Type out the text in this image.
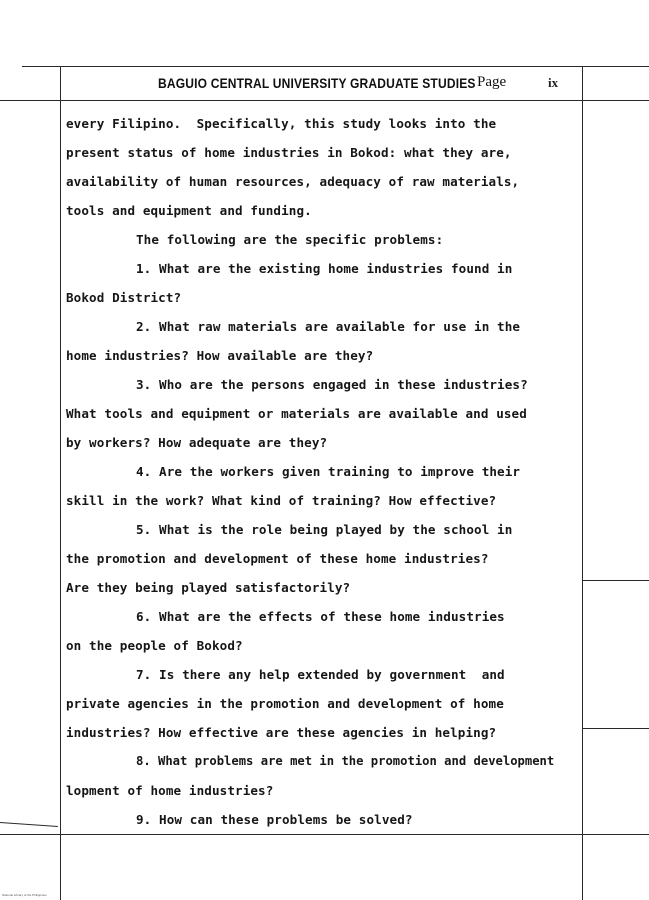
BAGUIO CENTRAL UNIVERSITY GRADUATE STUDIES Page	ix
every Filipino.  Specifically, this study looks into the
present status of home industries in Bokod: what they are,
availability of human resources, adequacy of raw materials,
tools and equipment and funding.
The following are the specific problems:
1. What are the existing home industries found in
Bokod District?
2. What raw materials are available for use in the
home industries? How available are they?
3. Who are the persons engaged in these industries?
What tools and equipment or materials are available and used
by workers? How adequate are they?
4. Are the workers given training to improve their
skill in the work? What kind of training? How effective?
5. What is the role being played by the school in
the promotion and development of these home industries?
Are they being played satisfactorily?
6. What are the effects of these home industries
on the people of Bokod?
7. Is there any help extended by government  and
private agencies in the promotion and development of home
industries? How effective are these agencies in helping?
8. What problems are met in the promotion and development
lopment of home industries?
9. How can these problems be solved?
National Library of the Philippines
